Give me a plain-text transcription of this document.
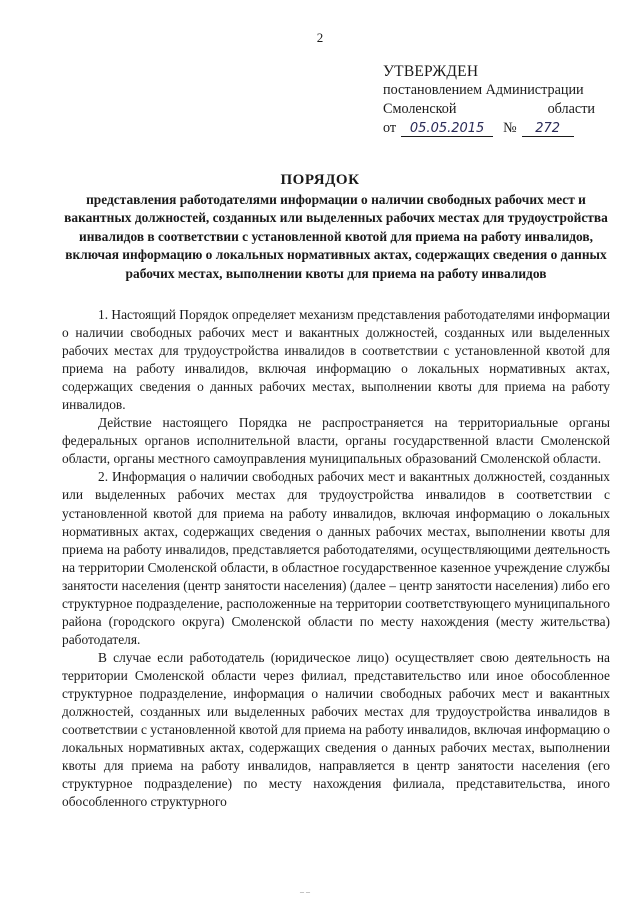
2
УТВЕРЖДЕН
постановлением Администрации
Смоленской	области
от	05.05.2015	№	272
ПОРЯДОК
представления работодателями информации о наличии свободных рабочих мест и вакантных должностей, созданных или выделенных рабочих местах для трудоустройства инвалидов в соответствии с установленной квотой для приема на работу инвалидов, включая информацию о локальных нормативных актах, содержащих сведения о данных рабочих местах, выполнении квоты для приема на работу инвалидов

1. Настоящий Порядок определяет механизм представления работодателями информации о наличии свободных рабочих мест и вакантных должностей, созданных или выделенных рабочих местах для трудоустройства инвалидов в соответствии с установленной квотой для приема на работу инвалидов, включая информацию о локальных нормативных актах, содержащих сведения о данных рабочих местах, выполнении квоты для приема на работу инвалидов.

Действие настоящего Порядка не распространяется на территориальные органы федеральных органов исполнительной власти, органы государственной власти Смоленской области, органы местного самоуправления муниципальных образований Смоленской области.

2. Информация о наличии свободных рабочих мест и вакантных должностей, созданных или выделенных рабочих местах для трудоустройства инвалидов в соответствии с установленной квотой для приема на работу инвалидов, включая информацию о локальных нормативных актах, содержащих сведения о данных рабочих местах, выполнении квоты для приема на работу инвалидов, представляется работодателями, осуществляющими деятельность на территории Смоленской области, в областное государственное казенное учреждение службы занятости населения (центр занятости населения) (далее – центр занятости населения) либо его структурное подразделение, расположенные на территории соответствующего муниципального района (городского округа) Смоленской области по месту нахождения (месту жительства) работодателя.

В случае если работодатель (юридическое лицо) осуществляет свою деятельность на территории Смоленской области через филиал, представительство или иное обособленное структурное подразделение, информация о наличии свободных рабочих мест и вакантных должностей, созданных или выделенных рабочих местах для трудоустройства инвалидов в соответствии с установленной квотой для приема на работу инвалидов, включая информацию о локальных нормативных актах, содержащих сведения о данных рабочих местах, выполнении квоты для приема на работу инвалидов, направляется в центр занятости населения (его структурное подразделение) по месту нахождения филиала, представительства, иного обособленного структурного

– –
